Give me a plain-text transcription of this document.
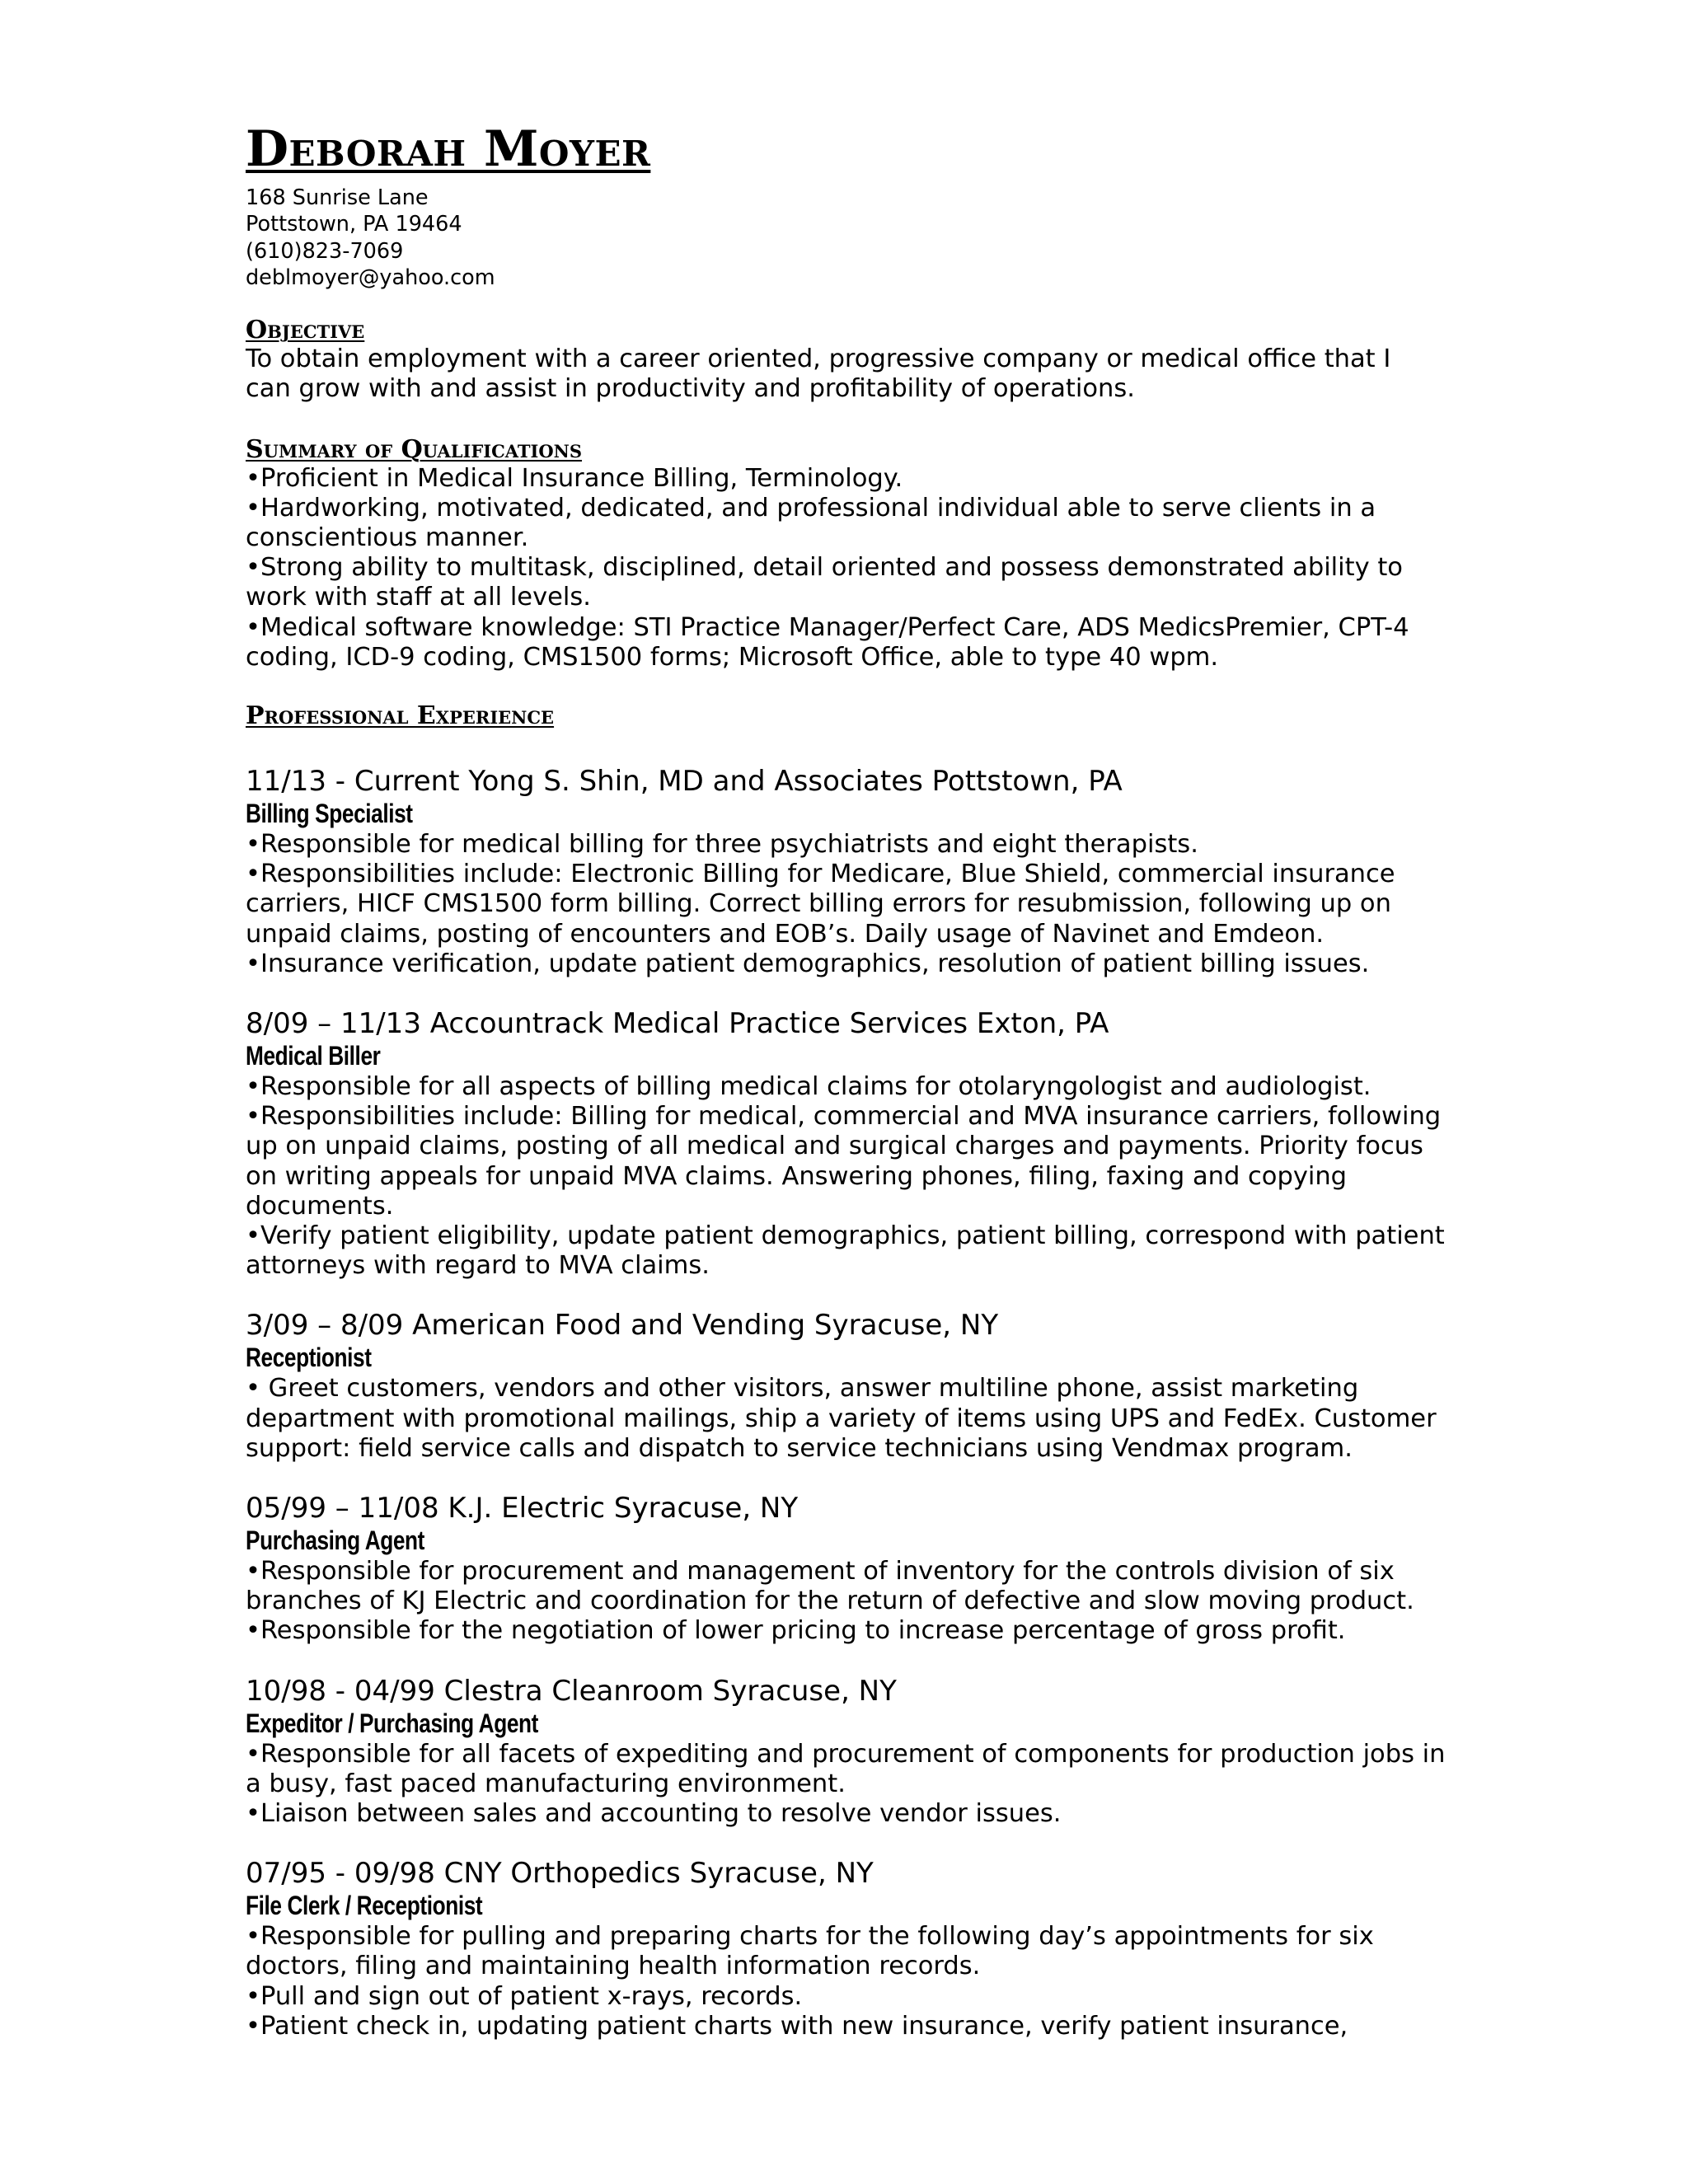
Deborah Moyer

168 Sunrise Lane

Pottstown, PA 19464

(610)823-7069

deblmoyer@yahoo.com

Objective

To obtain employment with a career oriented, progressive company or medical office that I

can grow with and assist in productivity and profitability of operations.

Summary of Qualifications

•Proficient in Medical Insurance Billing, Terminology.

•Hardworking, motivated, dedicated, and professional individual able to serve clients in a

conscientious manner.

•Strong ability to multitask, disciplined, detail oriented and possess demonstrated ability to

work with staff at all levels.

•Medical software knowledge: STI Practice Manager/Perfect Care, ADS MedicsPremier, CPT-4

coding, ICD-9 coding, CMS1500 forms; Microsoft Office, able to type 40 wpm.

Professional Experience

11/13 - Current Yong S. Shin, MD and Associates Pottstown, PA

Billing Specialist

•Responsible for medical billing for three psychiatrists and eight therapists.

•Responsibilities include: Electronic Billing for Medicare, Blue Shield, commercial insurance

carriers, HICF CMS1500 form billing. Correct billing errors for resubmission, following up on

unpaid claims, posting of encounters and EOB’s. Daily usage of Navinet and Emdeon.

•Insurance verification, update patient demographics, resolution of patient billing issues.

8/09 – 11/13 Accountrack Medical Practice Services Exton, PA

Medical Biller

•Responsible for all aspects of billing medical claims for otolaryngologist and audiologist.

•Responsibilities include: Billing for medical, commercial and MVA insurance carriers, following

up on unpaid claims, posting of all medical and surgical charges and payments. Priority focus

on writing appeals for unpaid MVA claims. Answering phones, filing, faxing and copying

documents.

•Verify patient eligibility, update patient demographics, patient billing, correspond with patient

attorneys with regard to MVA claims.

3/09 – 8/09 American Food and Vending Syracuse, NY

Receptionist

• Greet customers, vendors and other visitors, answer multiline phone, assist marketing

department with promotional mailings, ship a variety of items using UPS and FedEx. Customer

support: field service calls and dispatch to service technicians using Vendmax program.

05/99 – 11/08 K.J. Electric Syracuse, NY

Purchasing Agent

•Responsible for procurement and management of inventory for the controls division of six

branches of KJ Electric and coordination for the return of defective and slow moving product.

•Responsible for the negotiation of lower pricing to increase percentage of gross profit.

10/98 - 04/99 Clestra Cleanroom Syracuse, NY

Expeditor / Purchasing Agent

•Responsible for all facets of expediting and procurement of components for production jobs in

a busy, fast paced manufacturing environment.

•Liaison between sales and accounting to resolve vendor issues.

07/95 - 09/98 CNY Orthopedics Syracuse, NY

File Clerk / Receptionist

•Responsible for pulling and preparing charts for the following day’s appointments for six

doctors, filing and maintaining health information records.

•Pull and sign out of patient x-rays, records.

•Patient check in, updating patient charts with new insurance, verify patient insurance,
